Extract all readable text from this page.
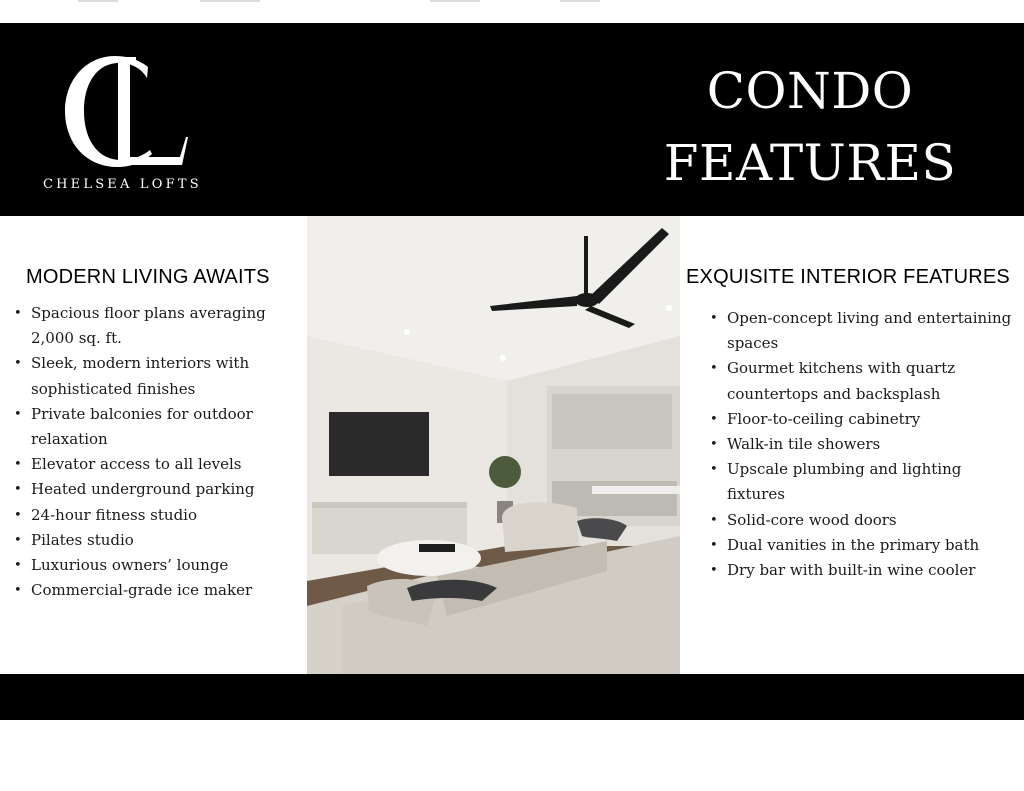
CHELSEA LOFTS
CONDO
FEATURES
MODERN LIVING AWAITS
• Spacious floor plans averaging 2,000 sq. ft.
• Sleek, modern interiors with sophisticated finishes
• Private balconies for outdoor relaxation
• Elevator access to all levels
• Heated underground parking
• 24-hour fitness studio
• Pilates studio
• Luxurious owners’ lounge
• Commercial-grade ice maker
EXQUISITE INTERIOR FEATURES
• Open-concept living and entertaining spaces
• Gourmet kitchens with quartz countertops and backsplash
• Floor-to-ceiling cabinetry
• Walk-in tile showers
• Upscale plumbing and lighting fixtures
• Solid-core wood doors
• Dual vanities in the primary bath
• Dry bar with built-in wine cooler
